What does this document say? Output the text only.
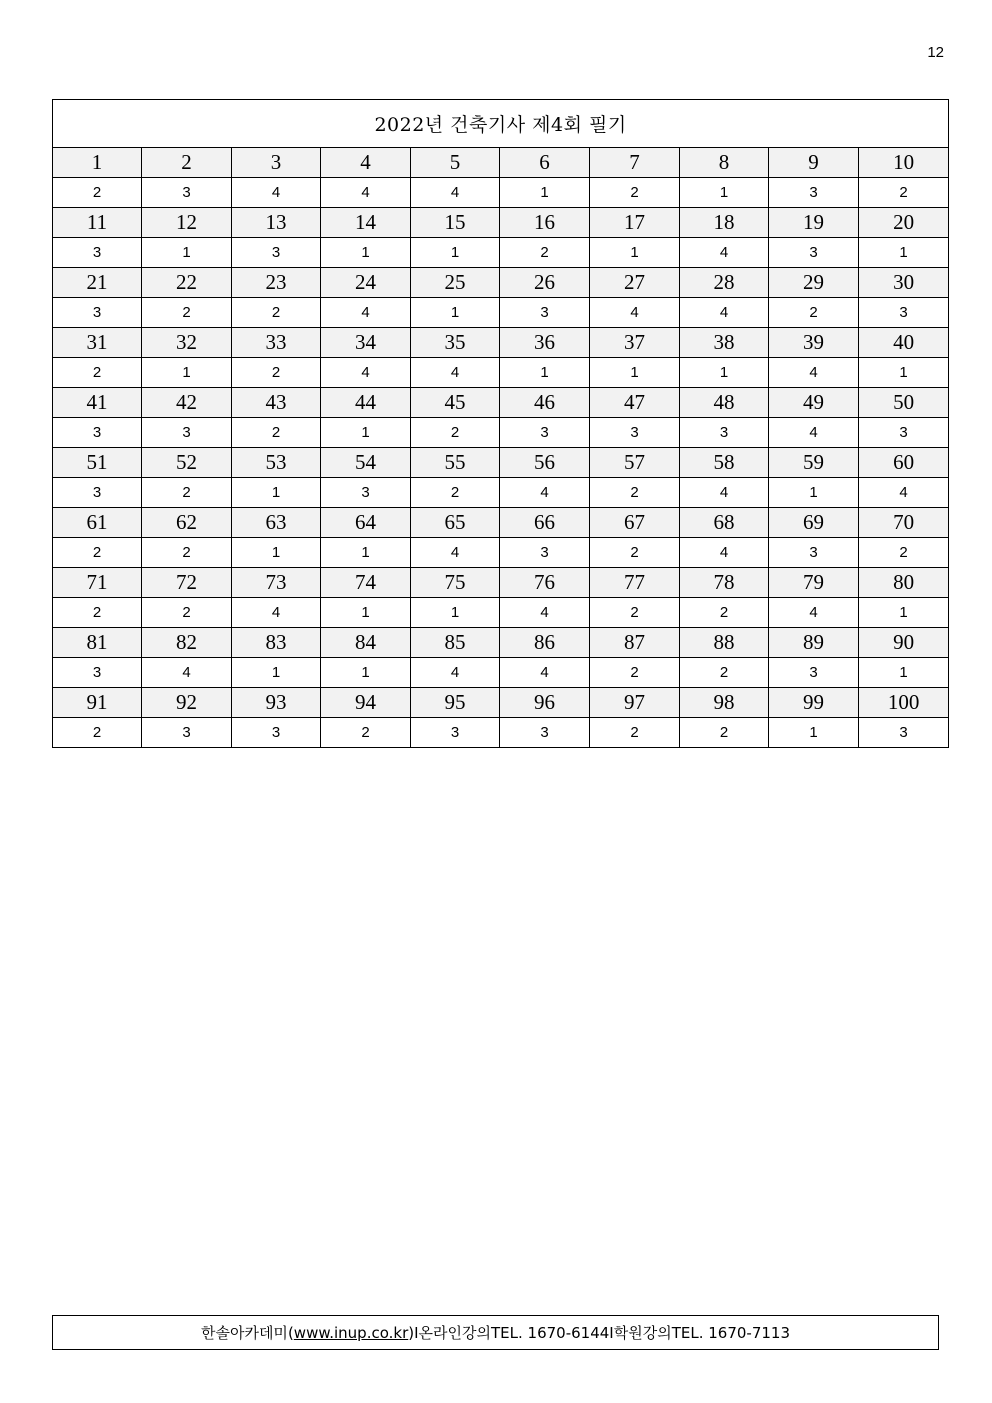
12
2022년 건축기사 제4회 필기									
1	2	3	4	5	6	7	8	9	10
2	3	4	4	4	1	2	1	3	2
11	12	13	14	15	16	17	18	19	20
3	1	3	1	1	2	1	4	3	1
21	22	23	24	25	26	27	28	29	30
3	2	2	4	1	3	4	4	2	3
31	32	33	34	35	36	37	38	39	40
2	1	2	4	4	1	1	1	4	1
41	42	43	44	45	46	47	48	49	50
3	3	2	1	2	3	3	3	4	3
51	52	53	54	55	56	57	58	59	60
3	2	1	3	2	4	2	4	1	4
61	62	63	64	65	66	67	68	69	70
2	2	1	1	4	3	2	4	3	2
71	72	73	74	75	76	77	78	79	80
2	2	4	1	1	4	2	2	4	1
81	82	83	84	85	86	87	88	89	90
3	4	1	1	4	4	2	2	3	1
91	92	93	94	95	96	97	98	99	100
2	3	3	2	3	3	2	2	1	3
한솔아카데미 ( www.inup.co.kr ) I 온라인강의 TEL. 1670-6144 I 학원강의 TEL. 1670-7113
